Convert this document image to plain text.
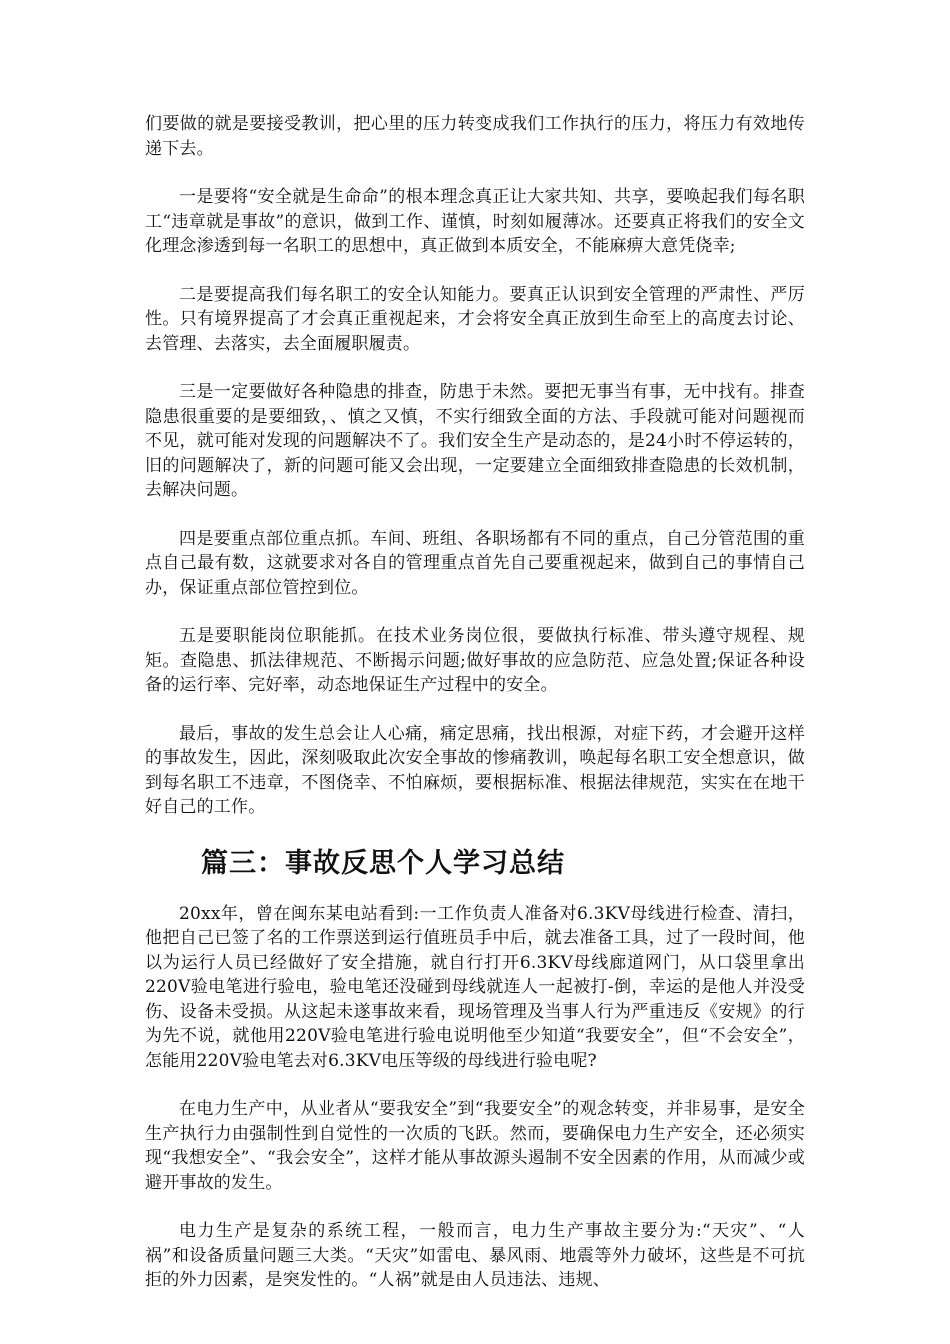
们要做的就是要接受教训，把心里的压力转变成我们工作执行的压力，将压力有效地传递下去。

一是要将“安全就是生命命”的根本理念真正让大家共知、共享，要唤起我们每名职工“违章就是事故”的意识，做到工作、谨慎，时刻如履薄冰。还要真正将我们的安全文化理念渗透到每一名职工的思想中，真正做到本质安全，不能麻痹大意凭侥幸;

二是要提高我们每名职工的安全认知能力。要真正认识到安全管理的严肃性、严厉性。只有境界提高了才会真正重视起来，才会将安全真正放到生命至上的高度去讨论、去管理、去落实，去全面履职履责。

三是一定要做好各种隐患的排查，防患于未然。要把无事当有事，无中找有。排查隐患很重要的是要细致，、慎之又慎，不实行细致全面的方法、手段就可能对问题视而不见，就可能对发现的问题解决不了。我们安全生产是动态的，是24小时不停运转的，旧的问题解决了，新的问题可能又会出现，一定要建立全面细致排查隐患的长效机制，去解决问题。

四是要重点部位重点抓。车间、班组、各职场都有不同的重点，自己分管范围的重点自己最有数，这就要求对各自的管理重点首先自己要重视起来，做到自己的事情自己办，保证重点部位管控到位。

五是要职能岗位职能抓。在技术业务岗位很，要做执行标准、带头遵守规程、规矩。查隐患、抓法律规范、不断揭示问题;做好事故的应急防范、应急处置;保证各种设备的运行率、完好率，动态地保证生产过程中的安全。

最后，事故的发生总会让人心痛，痛定思痛，找出根源，对症下药，才会避开这样的事故发生，因此，深刻吸取此次安全事故的惨痛教训，唤起每名职工安全想意识，做到每名职工不违章，不图侥幸、不怕麻烦，要根据标准、根据法律规范，实实在在地干好自己的工作。

篇三：事故反思个人学习总结

20xx年，曾在闽东某电站看到:一工作负责人准备对6.3KV母线进行检查、清扫，他把自己已签了名的工作票送到运行值班员手中后，就去准备工具，过了一段时间，他以为运行人员已经做好了安全措施，就自行打开6.3KV母线廊道网门，从口袋里拿出220V验电笔进行验电，验电笔还没碰到母线就连人一起被打-倒，幸运的是他人并没受伤、设备未受损。从这起未遂事故来看，现场管理及当事人行为严重违反《安规》的行为先不说，就他用220V验电笔进行验电说明他至少知道“我要安全”，但“不会安全”，怎能用220V验电笔去对6.3KV电压等级的母线进行验电呢?

在电力生产中，从业者从“要我安全”到“我要安全”的观念转变，并非易事，是安全生产执行力由强制性到自觉性的一次质的飞跃。然而，要确保电力生产安全，还必须实现“我想安全”、“我会安全”，这样才能从事故源头遏制不安全因素的作用，从而减少或避开事故的发生。

电力生产是复杂的系统工程，一般而言，电力生产事故主要分为:“天灾”、“人祸”和设备质量问题三大类。“天灾”如雷电、暴风雨、地震等外力破坏，这些是不可抗拒的外力因素，是突发性的。“人祸”就是由人员违法、违规、
